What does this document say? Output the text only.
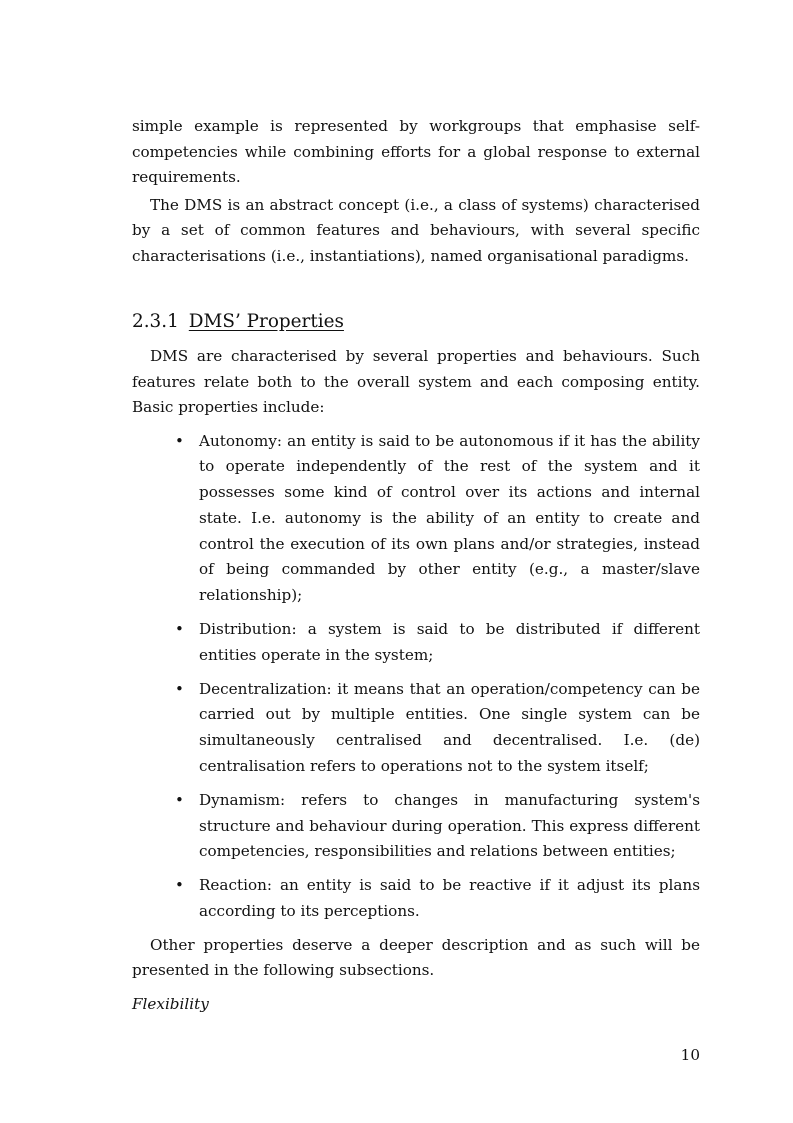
simple example is represented by workgroups that emphasise self-competencies while combining efforts for a global response to external requirements.

The DMS is an abstract concept (i.e., a class of systems) characterised by a set of common features and behaviours, with several specific characterisations (i.e., instantiations), named organisational paradigms.

2.3.1 DMS’ Properties

DMS are characterised by several properties and behaviours. Such features relate both to the overall system and each composing entity. Basic properties include:

• Autonomy: an entity is said to be autonomous if it has the ability to operate independently of the rest of the system and it possesses some kind of control over its actions and internal state. I.e. autonomy is the ability of an entity to create and control the execution of its own plans and/or strategies, instead of being commanded by other entity (e.g., a master/slave relationship);

• Distribution: a system is said to be distributed if different entities operate in the system;

• Decentralization: it means that an operation/competency can be carried out by multiple entities. One single system can be simultaneously centralised and decentralised. I.e. (de) centralisation refers to operations not to the system itself;

• Dynamism: refers to changes in manufacturing system's structure and behaviour during operation. This express different competencies, responsibilities and relations between entities;

• Reaction: an entity is said to be reactive if it adjust its plans according to its perceptions.

Other properties deserve a deeper description and as such will be presented in the following subsections.

Flexibility
10
